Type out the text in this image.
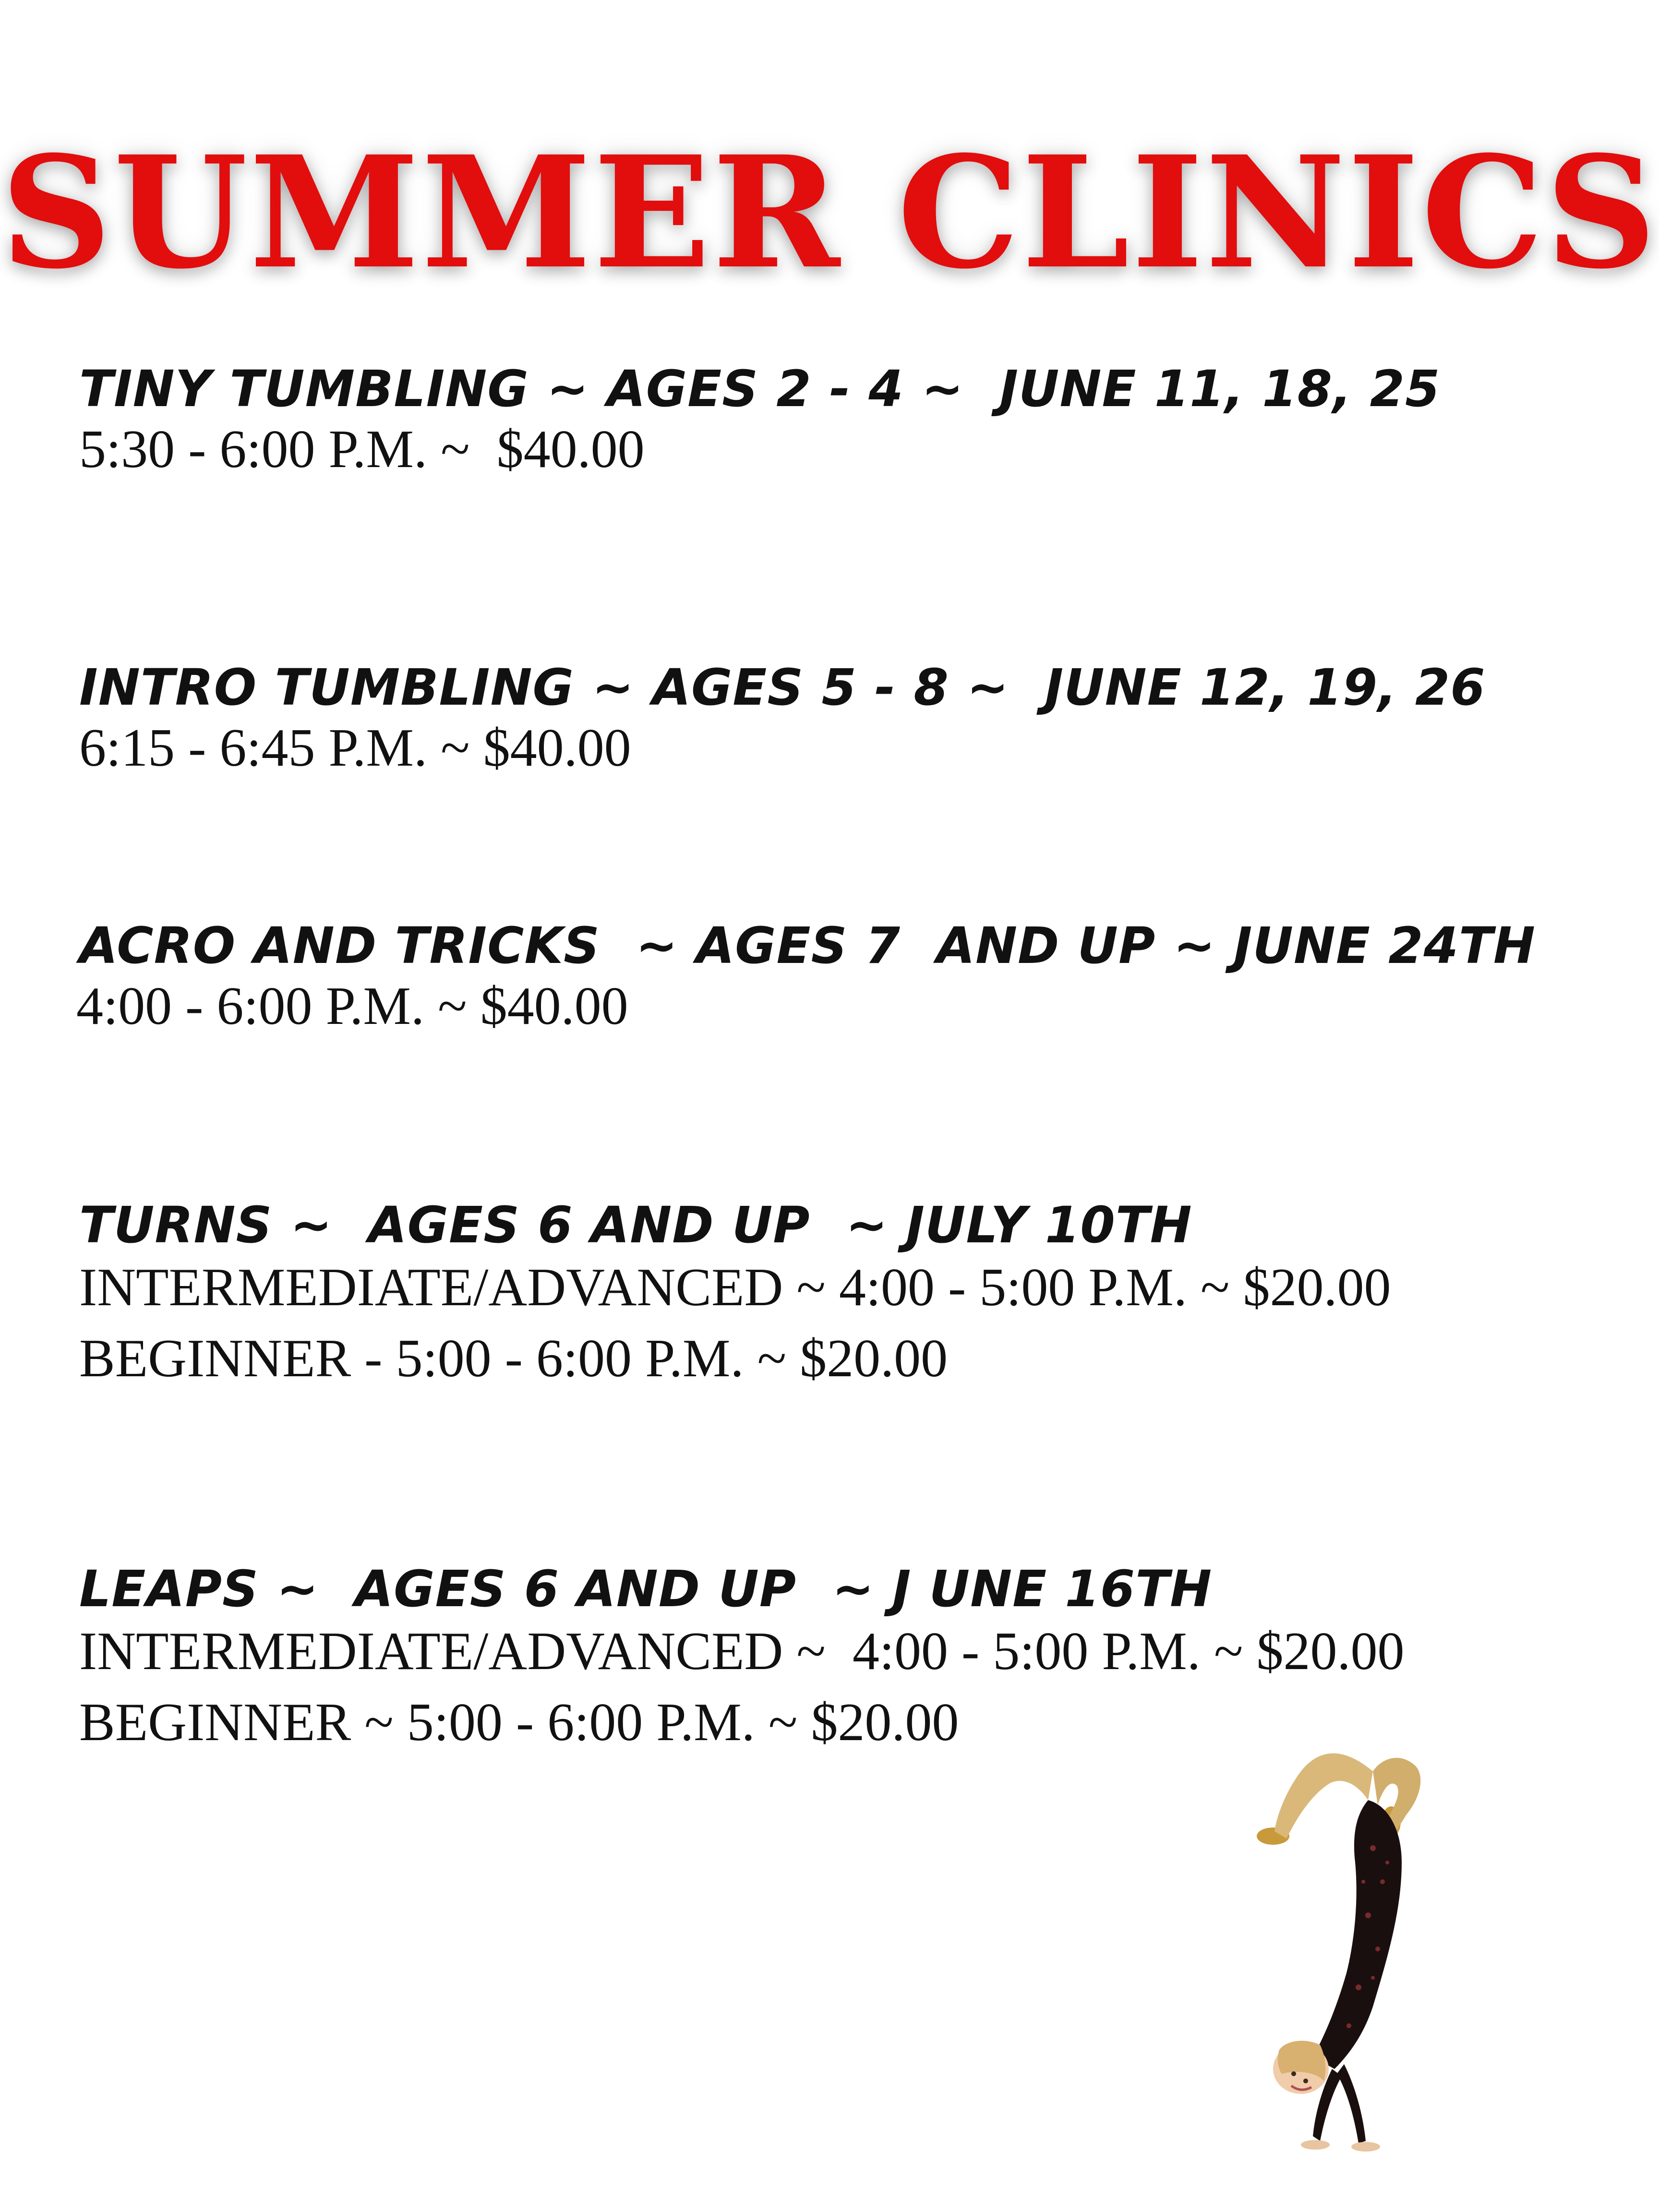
SUMMER CLINICS
TINY TUMBLING ~ AGES 2 - 4 ~  JUNE 11, 18, 25
5:30 - 6:00 P.M. ~  $40.00
INTRO TUMBLING ~ AGES 5 - 8 ~  JUNE 12, 19, 26
6:15 - 6:45 P.M. ~ $40.00
ACRO AND TRICKS  ~ AGES 7  AND UP ~ JUNE 24TH
4:00 - 6:00 P.M. ~ $40.00
TURNS ~  AGES 6 AND UP  ~ JULY 10TH
INTERMEDIATE/ADVANCED ~ 4:00 - 5:00 P.M. ~ $20.00
BEGINNER - 5:00 - 6:00 P.M. ~ $20.00
LEAPS ~  AGES 6 AND UP  ~ J UNE 16TH
INTERMEDIATE/ADVANCED ~  4:00 - 5:00 P.M. ~ $20.00
BEGINNER ~ 5:00 - 6:00 P.M. ~ $20.00
